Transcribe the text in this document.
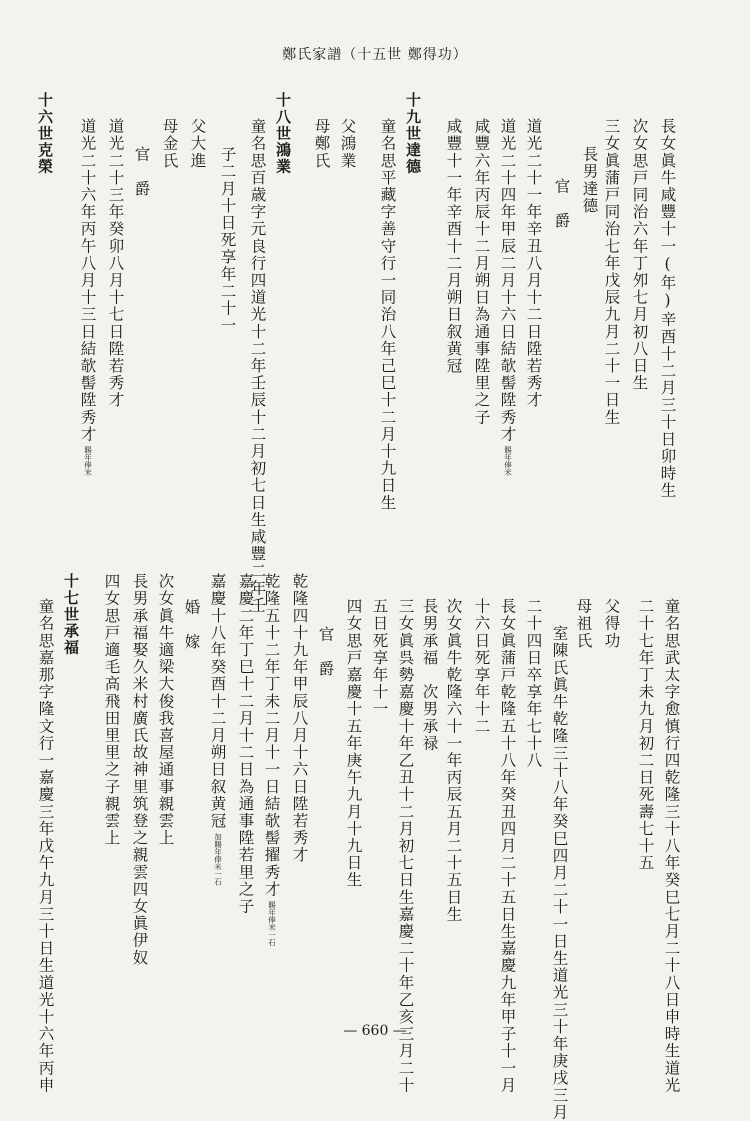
鄭氏家譜（十五世 鄭得功）
長女眞牛咸豐十一(年)辛酉十二月三十日卯時生
次女思戸同治六年丁夘七月初八日生
三女眞蒲戸同治七年戊辰九月二十一日生
長男達德
官　爵
道光二十一年辛丑八月十二日陞若秀才
道光二十四年甲辰二月十六日結欹髻陞秀才賜年俸米
咸豐六年丙辰十二月朔日為通事陞里之子
咸豐十一年辛酉十二月朔日叙黄冠
十九世達德
童名思平藏字善守行一同治八年己巳十二月十九日生
父鴻業
母鄭氏
十八世鴻業
童名思百歳字元良行四道光十二年壬辰十二月初七日生咸豐二年壬
子二月十日死享年二十一
父大進
母金氏
官　爵
道光二十三年癸卯八月十七日陞若秀才
道光二十六年丙午八月十三日結欹髻陞秀才賜年俸米
十六世克榮
童名思武太字愈慎行四乾隆三十八年癸巳七月二十八日申時生道光
二十七年丁未九月初二日死壽七十五
父得功
母祖氏
室陳氏眞牛乾隆三十八年癸巳四月二十一日生道光三十年庚戌三月
二十四日卒享年七十八
長女眞蒲戸乾隆五十八年癸丑四月二十五日生嘉慶九年甲子十一月
十六日死享年十二
次女眞牛乾隆六十一年丙辰五月二十五日生
長男承福　次男承禄
三女眞呉勢嘉慶十年乙丑十二月初七日生嘉慶二十年乙亥三月二十
五日死享年十一
四女思戸嘉慶十五年庚午九月十九日生
官　爵
乾隆四十九年甲辰八月十六日陞若秀才
乾隆五十二年丁未二月十一日結欹髻擢秀才賜年俸米一石
嘉慶二年丁巳十二月十二日為通事陞若里之子
嘉慶十八年癸酉十二月朔日叙黄冠加賜年俸米一石
婚　嫁
次女眞牛適梁大俊我喜屋通事親雲上
長男承福娶久米村廣氏故神里筑登之親雲四女眞伊奴
四女思戸適毛高飛田里里之子親雲上
十七世承福
童名思嘉那字隆文行一嘉慶三年戊午九月三十日生道光十六年丙申	— 660 —
